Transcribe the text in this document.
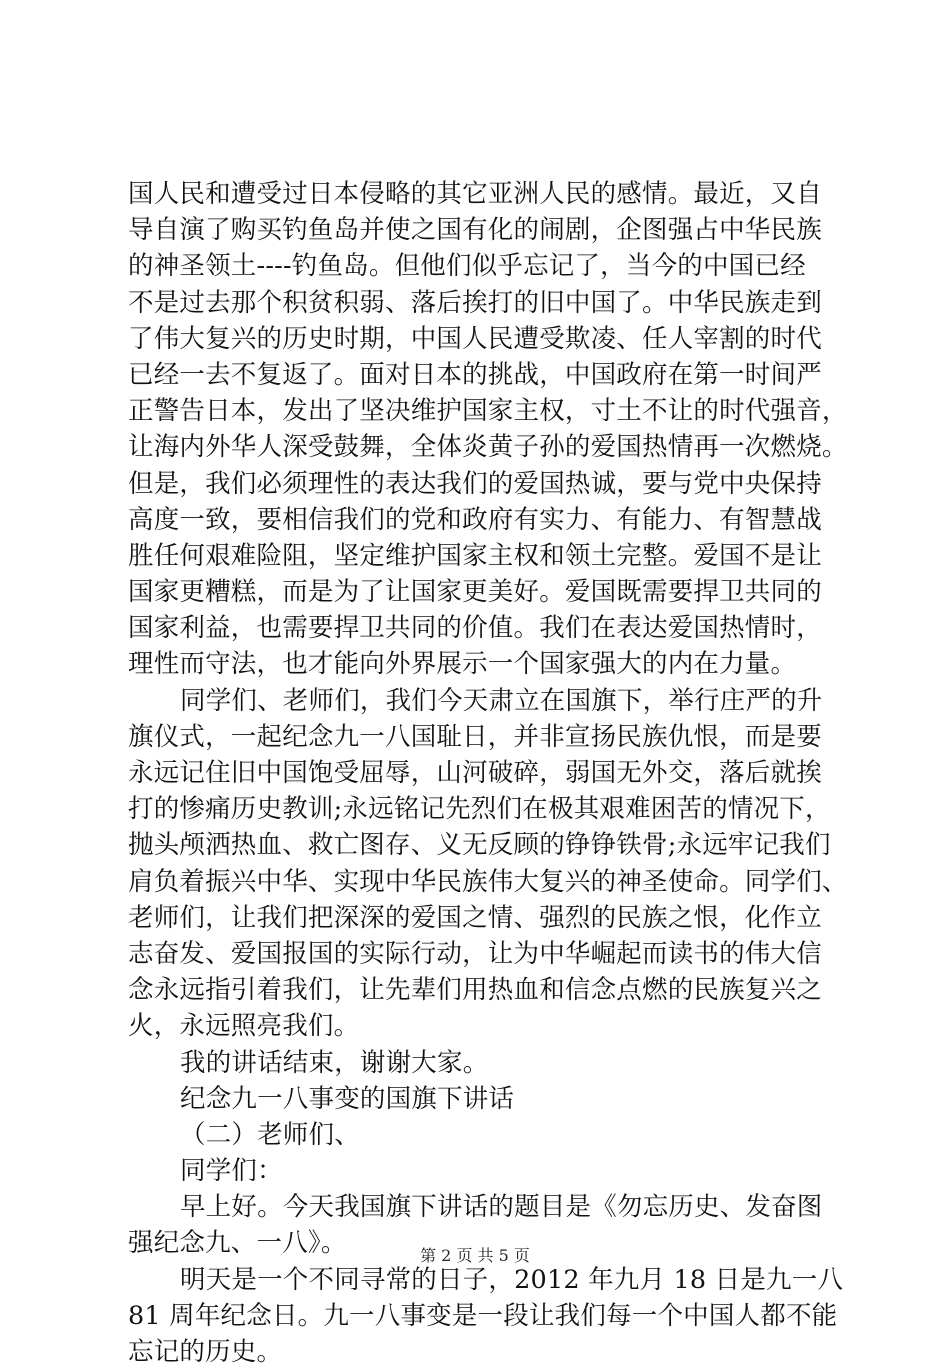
国人民和遭受过日本侵略的其它亚洲人民的感情。最近，又自
导自演了购买钓鱼岛并使之国有化的闹剧，企图强占中华民族
的神圣领土----钓鱼岛。但他们似乎忘记了，当今的中国已经
不是过去那个积贫积弱、落后挨打的旧中国了。中华民族走到
了伟大复兴的历史时期，中国人民遭受欺凌、任人宰割的时代
已经一去不复返了。面对日本的挑战，中国政府在第一时间严
正警告日本，发出了坚决维护国家主权，寸土不让的时代强音，
让海内外华人深受鼓舞，全体炎黄子孙的爱国热情再一次燃烧。
但是，我们必须理性的表达我们的爱国热诚，要与党中央保持
高度一致，要相信我们的党和政府有实力、有能力、有智慧战
胜任何艰难险阻，坚定维护国家主权和领土完整。爱国不是让
国家更糟糕，而是为了让国家更美好。爱国既需要捍卫共同的
国家利益，也需要捍卫共同的价值。我们在表达爱国热情时，
理性而守法，也才能向外界展示一个国家强大的内在力量。
同学们、老师们，我们今天肃立在国旗下，举行庄严的升
旗仪式，一起纪念九一八国耻日，并非宣扬民族仇恨，而是要
永远记住旧中国饱受屈辱，山河破碎，弱国无外交，落后就挨
打的惨痛历史教训;永远铭记先烈们在极其艰难困苦的情况下，
抛头颅洒热血、救亡图存、义无反顾的铮铮铁骨;永远牢记我们
肩负着振兴中华、实现中华民族伟大复兴的神圣使命。同学们、
老师们，让我们把深深的爱国之情、强烈的民族之恨，化作立
志奋发、爱国报国的实际行动，让为中华崛起而读书的伟大信
念永远指引着我们，让先辈们用热血和信念点燃的民族复兴之
火，永远照亮我们。
我的讲话结束，谢谢大家。
纪念九一八事变的国旗下讲话
（二）老师们、
同学们：
早上好。今天我国旗下讲话的题目是《勿忘历史、发奋图
强纪念九、一八》。
明天是一个不同寻常的日子，2012 年九月 18 日是九一八
81 周年纪念日。九一八事变是一段让我们每一个中国人都不能
忘记的历史。
第 2 页 共 5 页
